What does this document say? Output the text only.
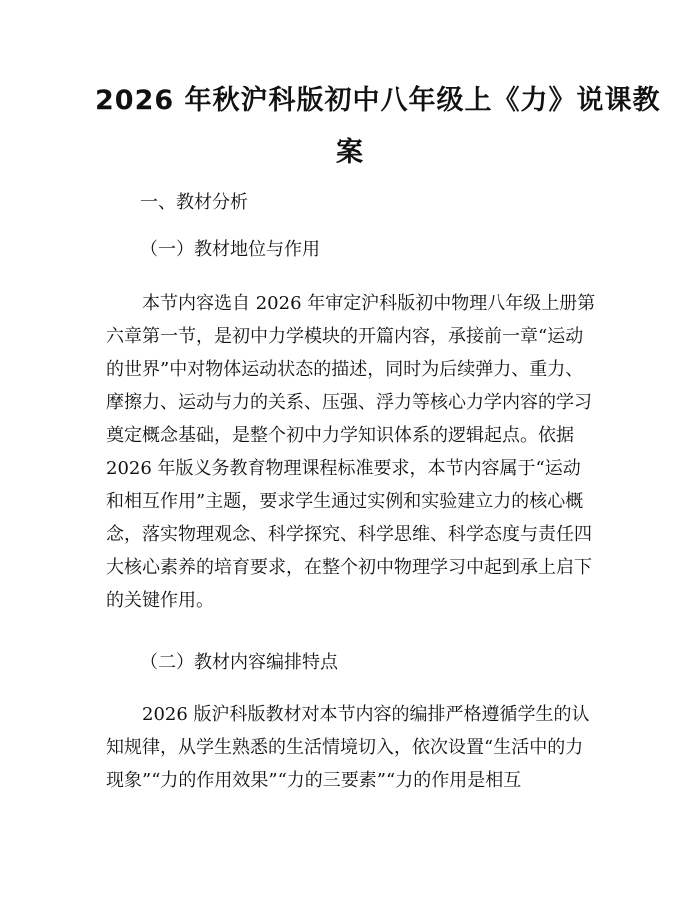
2026 年秋沪科版初中八年级上《力》说课教
案
一、教材分析
（一）教材地位与作用
本节内容选自 2026 年审定沪科版初中物理八年级上册第
六章第一节，是初中力学模块的开篇内容，承接前一章“运动
的世界”中对物体运动状态的描述，同时为后续弹力、重力、
摩擦力、运动与力的关系、压强、浮力等核心力学内容的学习
奠定概念基础，是整个初中力学知识体系的逻辑起点。依据
2026 年版义务教育物理课程标准要求，本节内容属于“运动
和相互作用”主题，要求学生通过实例和实验建立力的核心概
念，落实物理观念、科学探究、科学思维、科学态度与责任四
大核心素养的培育要求，在整个初中物理学习中起到承上启下
的关键作用。
（二）教材内容编排特点
2026 版沪科版教材对本节内容的编排严格遵循学生的认
知规律，从学生熟悉的生活情境切入，依次设置“生活中的力
现象”“力的作用效果”“力的三要素”“力的作用是相互
